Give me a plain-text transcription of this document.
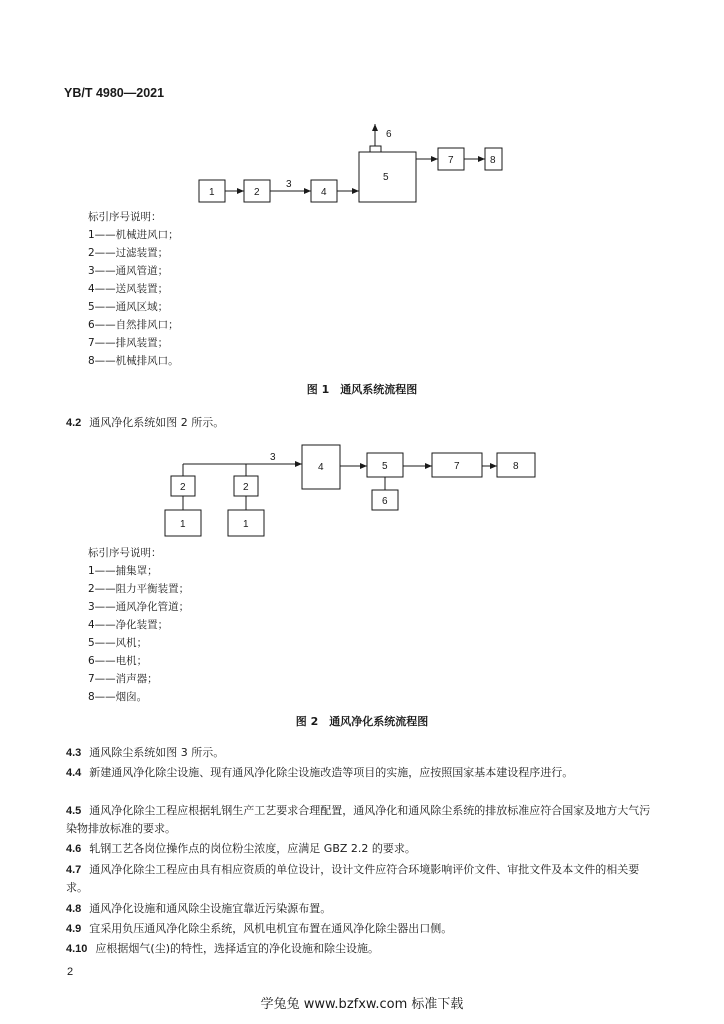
YB/T 4980—2021
1	2
3
4
5
6
7	8
标引序号说明：
1——机械进风口；
2——过滤装置；
3——通风管道；
4——送风装置；
5——通风区域；
6——自然排风口；
7——排风装置；
8——机械排风口。
图 1　通风系统流程图
4.2 通风净化系统如图 2 所示。
1	1
2	2
3
4	5
6
7	8
标引序号说明：
1——捕集罩；
2——阻力平衡装置；
3——通风净化管道；
4——净化装置；
5——风机；
6——电机；
7——消声器；
8——烟囱。
图 2　通风净化系统流程图
4.3 通风除尘系统如图 3 所示。
4.4 新建通风净化除尘设施、现有通风净化除尘设施改造等项目的实施，应按照国家基本建设程序进行。
4.5 通风净化除尘工程应根据轧钢生产工艺要求合理配置，通风净化和通风除尘系统的排放标准应符合国家及地方大气污染物排放标准的要求。
4.6 轧钢工艺各岗位操作点的岗位粉尘浓度，应满足 GBZ 2.2 的要求。
4.7 通风净化除尘工程应由具有相应资质的单位设计，设计文件应符合环境影响评价文件、审批文件及本文件的相关要求。
4.8 通风净化设施和通风除尘设施宜靠近污染源布置。
4.9 宜采用负压通风净化除尘系统，风机电机宜布置在通风净化除尘器出口侧。
4.10 应根据烟气(尘)的特性，选择适宜的净化设施和除尘设施。
2
学兔兔 www.bzfxw.com 标准下载
